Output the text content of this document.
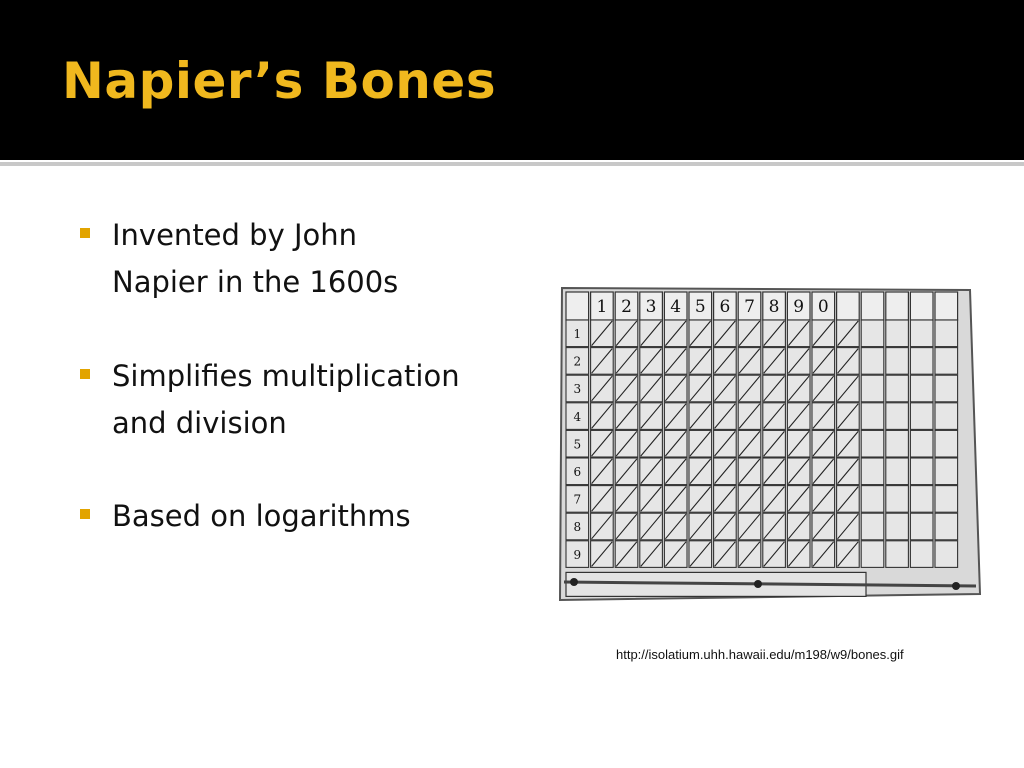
Napier’s Bones
Invented by John Napier in the 1600s
Simplifies multiplication and division
Based on logarithms
1 2 3 4 5 6 7 8 9 0
1
2
3
4
5
6
7
8
9
http://isolatium.uhh.hawaii.edu/m198/w9/bones.gif
